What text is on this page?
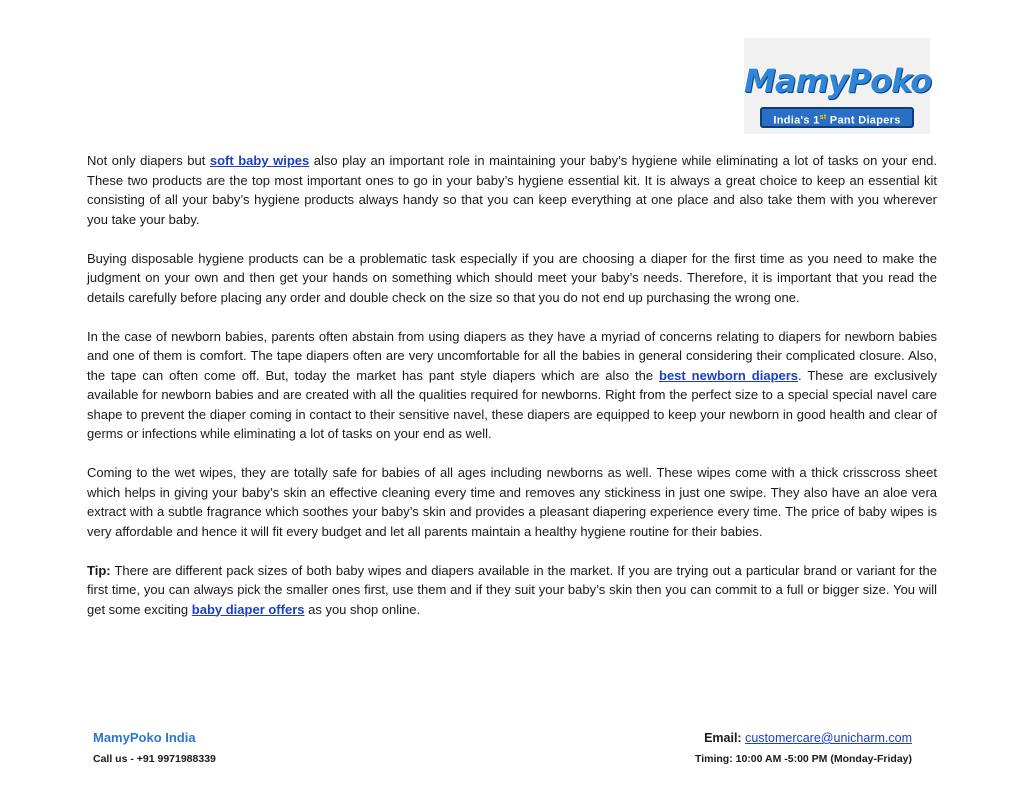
MamyPoko
India's 1st Pant Diapers

Not only diapers but soft baby wipes also play an important role in maintaining your baby’s hygiene while eliminating a lot of tasks on your end. These two products are the top most important ones to go in your baby’s hygiene essential kit. It is always a great choice to keep an essential kit consisting of all your baby’s hygiene products always handy so that you can keep everything at one place and also take them with you wherever you take your baby.

Buying disposable hygiene products can be a problematic task especially if you are choosing a diaper for the first time as you need to make the judgment on your own and then get your hands on something which should meet your baby’s needs. Therefore, it is important that you read the details carefully before placing any order and double check on the size so that you do not end up purchasing the wrong one.

In the case of newborn babies, parents often abstain from using diapers as they have a myriad of concerns relating to diapers for newborn babies and one of them is comfort. The tape diapers often are very uncomfortable for all the babies in general considering their complicated closure. Also, the tape can often come off. But, today the market has pant style diapers which are also the best newborn diapers. These are exclusively available for newborn babies and are created with all the qualities required for newborns. Right from the perfect size to a special special navel care shape to prevent the diaper coming in contact to their sensitive navel, these diapers are equipped to keep your newborn in good health and clear of germs or infections while eliminating a lot of tasks on your end as well.

Coming to the wet wipes, they are totally safe for babies of all ages including newborns as well. These wipes come with a thick crisscross sheet which helps in giving your baby’s skin an effective cleaning every time and removes any stickiness in just one swipe. They also have an aloe vera extract with a subtle fragrance which soothes your baby’s skin and provides a pleasant diapering experience every time. The price of baby wipes is very affordable and hence it will fit every budget and let all parents maintain a healthy hygiene routine for their babies.

Tip: There are different pack sizes of both baby wipes and diapers available in the market. If you are trying out a particular brand or variant for the first time, you can always pick the smaller ones first, use them and if they suit your baby’s skin then you can commit to a full or bigger size. You will get some exciting baby diaper offers as you shop online.

MamyPoko India
Call us - +91 9971988339
Email: customercare@unicharm.com
Timing: 10:00 AM -5:00 PM (Monday-Friday)
